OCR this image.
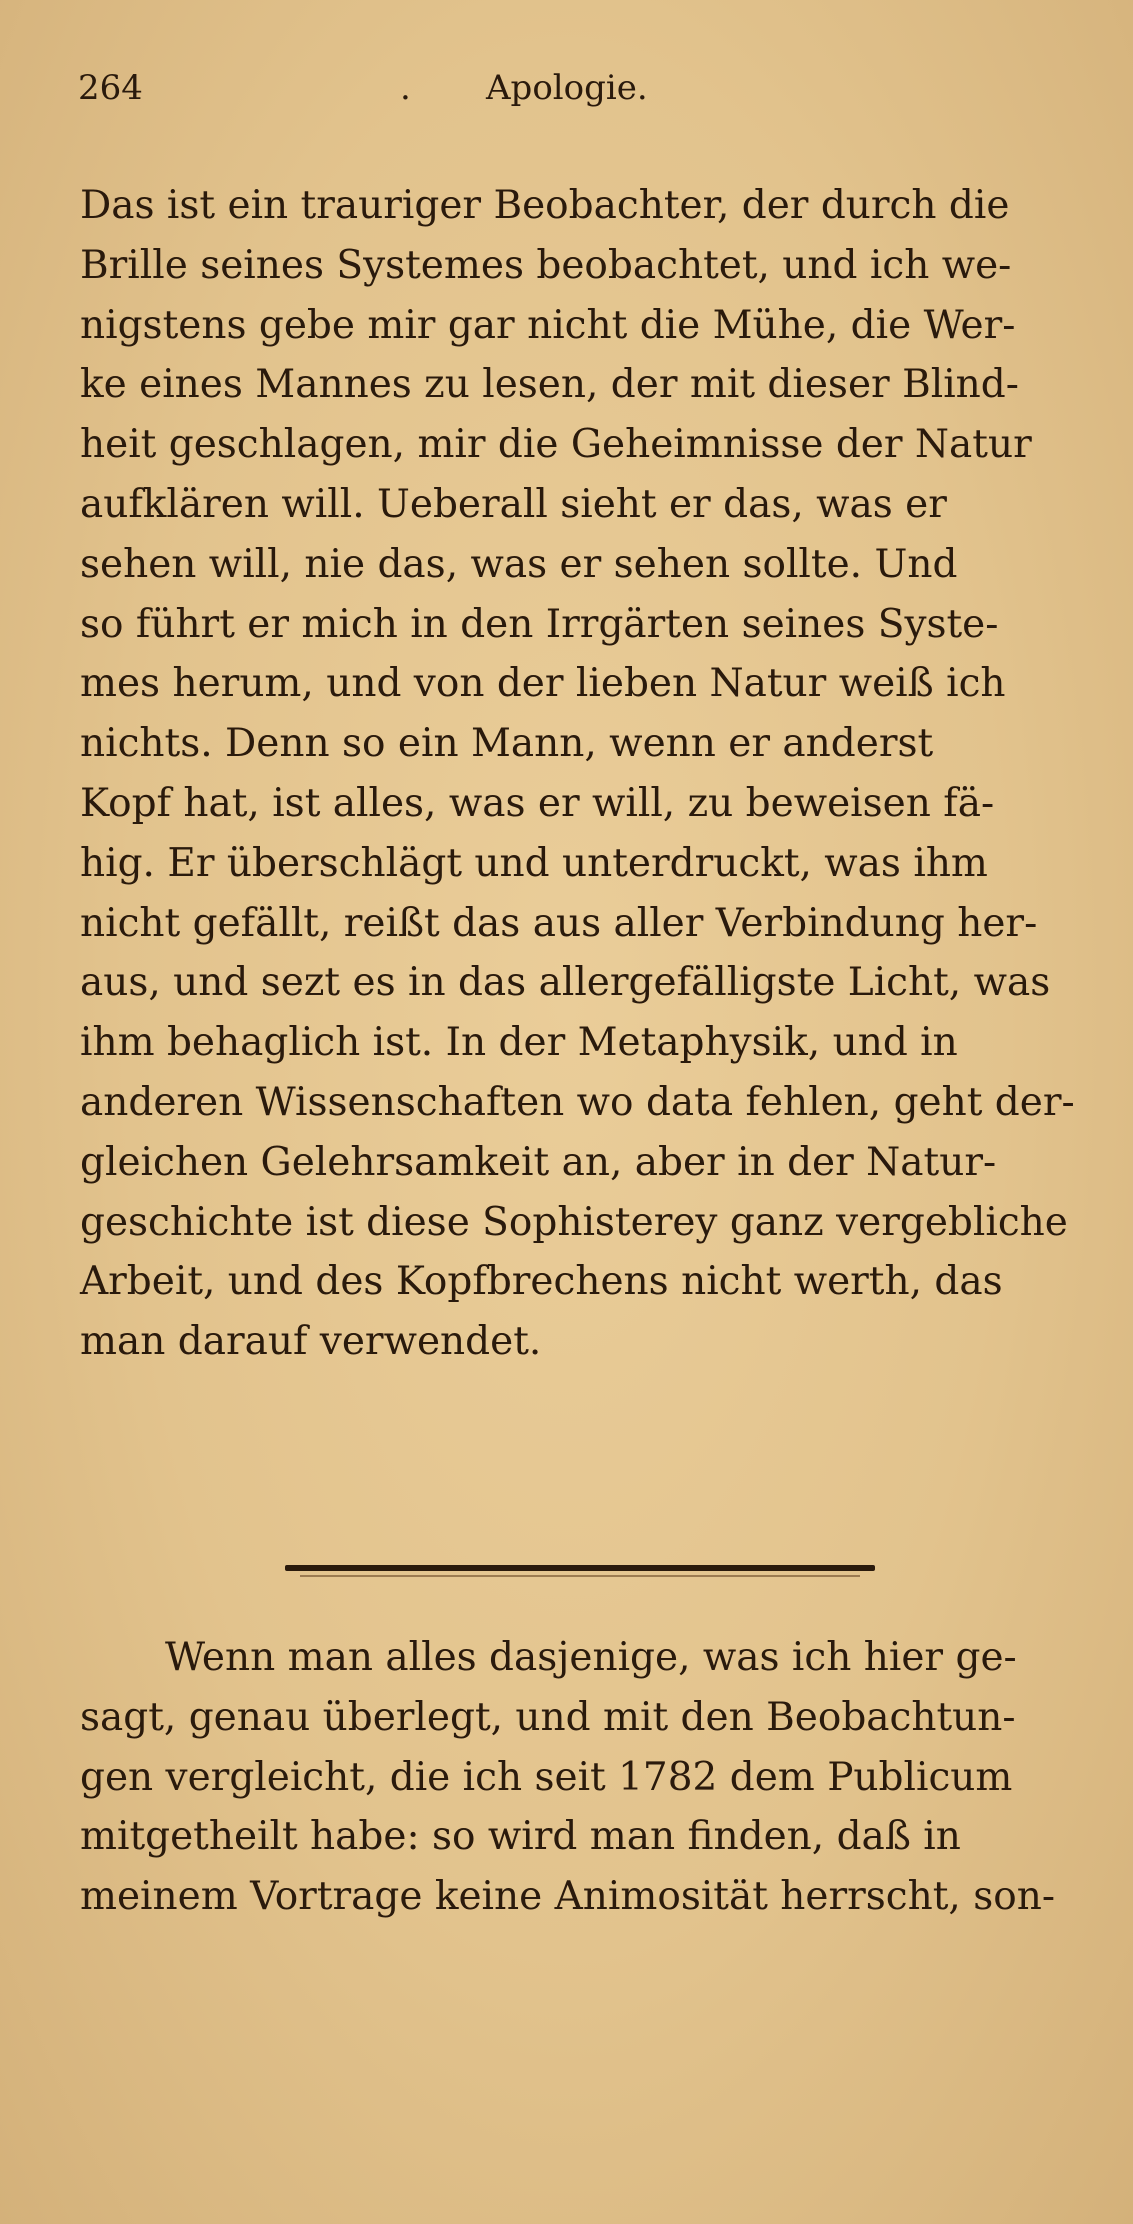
264	. Apologie.
Das ist ein trauriger Beobachter, der durch die
Brille seines Systemes beobachtet, und ich we-
nigstens gebe mir gar nicht die Mühe, die Wer-
ke eines Mannes zu lesen, der mit dieser Blind-
heit geschlagen, mir die Geheimnisse der Natur
aufklären will. Ueberall sieht er das, was er
sehen will, nie das, was er sehen sollte. Und
so führt er mich in den Irrgärten seines Syste-
mes herum, und von der lieben Natur weiß ich
nichts. Denn so ein Mann, wenn er anderst
Kopf hat, ist alles, was er will, zu beweisen fä-
hig. Er überschlägt und unterdruckt, was ihm
nicht gefällt, reißt das aus aller Verbindung her-
aus, und sezt es in das allergefälligste Licht, was
ihm behaglich ist. In der Metaphysik, und in
anderen Wissenschaften wo data fehlen, geht der-
gleichen Gelehrsamkeit an, aber in der Natur-
geschichte ist diese Sophisterey ganz vergebliche
Arbeit, und des Kopfbrechens nicht werth, das
man darauf verwendet.
Wenn man alles dasjenige, was ich hier ge-
sagt, genau überlegt, und mit den Beobachtun-
gen vergleicht, die ich seit 1782 dem Publicum
mitgetheilt habe: so wird man finden, daß in
meinem Vortrage keine Animosität herrscht, son-
